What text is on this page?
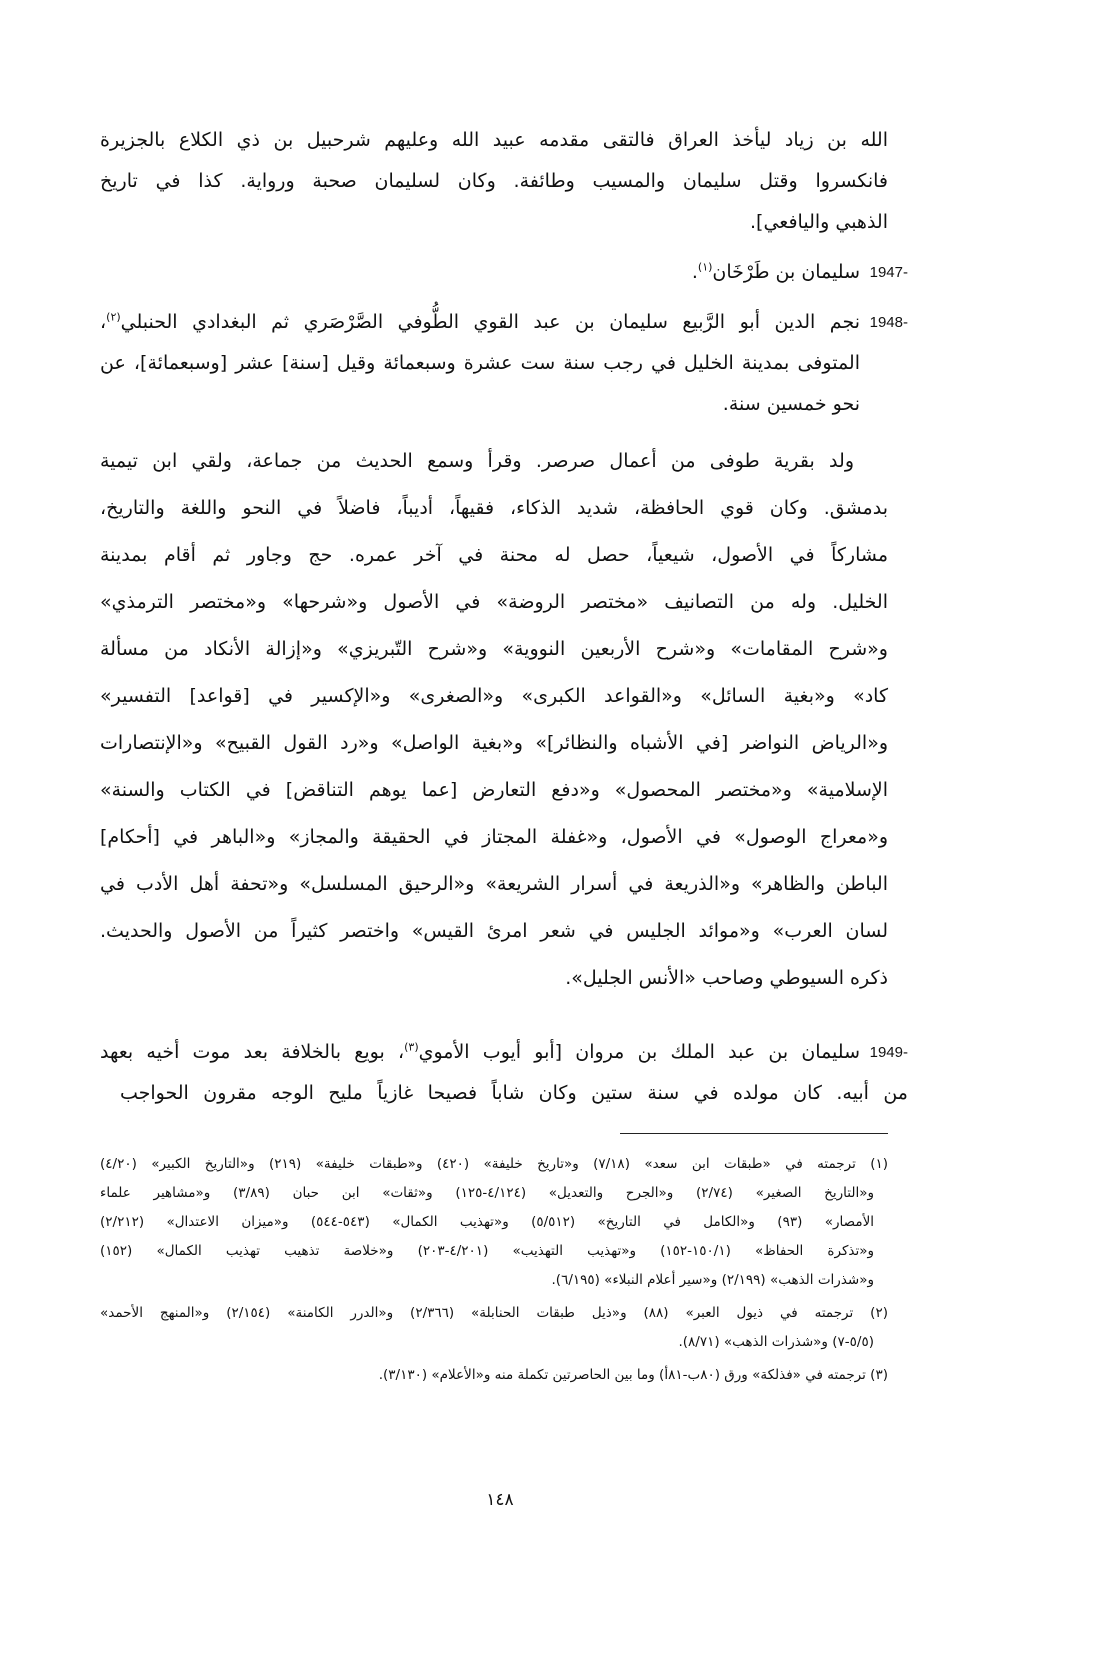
الله بن زياد ليأخذ العراق فالتقى مقدمه عبيد الله وعليهم شرحبيل بن ذي الكلاع بالجزيرة
فانكسروا وقتل سليمان والمسيب وطائفة. وكان لسليمان صحبة ورواية. كذا في تاريخ
الذهبي واليافعي].
1947-
سليمان بن طَرْخَان$^{(١)}$.
1948-
نجم الدين أبو الرَّبيع سليمان بن عبد القوي الطُّوفي الصَّرْصَري ثم البغدادي الحنبلي$^{(٢)}$،
المتوفى بمدينة الخليل في رجب سنة ست عشرة وسبعمائة وقيل [سنة] عشر [وسبعمائة]، عن
نحو خمسين سنة.
ولد بقرية طوفى من أعمال صرصر. وقرأ وسمع الحديث من جماعة، ولقي ابن تيمية
بدمشق. وكان قوي الحافظة، شديد الذكاء، فقيهاً، أديباً، فاضلاً في النحو واللغة والتاريخ،
مشاركاً في الأصول، شيعياً، حصل له محنة في آخر عمره. حج وجاور ثم أقام بمدينة
الخليل. وله من التصانيف «مختصر الروضة» في الأصول و«شرحها» و«مختصر الترمذي»
و«شرح المقامات» و«شرح الأربعين النووية» و«شرح التّبريزي» و«إزالة الأنكاد من مسألة
كاد» و«بغية السائل» و«القواعد الكبرى» و«الصغرى» و«الإكسير في [قواعد] التفسير»
و«الرياض النواضر [في الأشباه والنظائر]» و«بغية الواصل» و«رد القول القبيح» و«الإنتصارات
الإسلامية» و«مختصر المحصول» و«دفع التعارض [عما يوهم التناقض] في الكتاب والسنة»
و«معراج الوصول» في الأصول، و«غفلة المجتاز في الحقيقة والمجاز» و«الباهر في [أحكام]
الباطن والظاهر» و«الذريعة في أسرار الشريعة» و«الرحيق المسلسل» و«تحفة أهل الأدب في
لسان العرب» و«موائد الجليس في شعر امرئ القيس» واختصر كثيراً من الأصول والحديث.
ذكره السيوطي وصاحب «الأنس الجليل».
1949-
سليمان بن عبد الملك بن مروان [أبو أيوب الأموي$^{(٣)}$، بويع بالخلافة بعد موت أخيه بعهد
من أبيه. كان مولده في سنة ستين وكان شاباً فصيحا غازياً مليح الوجه مقرون الحواجب
(١) ترجمته في «طبقات ابن سعد» (٧/١٨) و«تاريخ خليفة» (٤٢٠) و«طبقات خليفة» (٢١٩) و«التاريخ الكبير» (٤/٢٠)
و«التاريخ الصغير» (٢/٧٤) و«الجرح والتعديل» (٤/١٢٤-١٢٥) و«ثقات» ابن حبان (٣/٨٩) و«مشاهير علماء
الأمصار» (٩٣) و«الكامل في التاريخ» (٥/٥١٢) و«تهذيب الكمال» (٥٤٣-٥٤٤) و«ميزان الاعتدال» (٢/٢١٢)
و«تذكرة الحفاظ» (١٥٠/١-١٥٢) و«تهذيب التهذيب» (٤/٢٠١-٢٠٣) و«خلاصة تذهيب تهذيب الكمال» (١٥٢)
و«شذرات الذهب» (٢/١٩٩) و«سير أعلام النبلاء» (٦/١٩٥).
(٢) ترجمته في ذيول العبر» (٨٨) و«ذيل طبقات الحنابلة» (٢/٣٦٦) و«الدرر الكامنة» (٢/١٥٤) و«المنهج الأحمد»
(٥/٥-٧) و«شذرات الذهب» (٨/٧١).
(٣) ترجمته في «فذلكة» ورق (٨٠ب-٨١أ) وما بين الحاصرتين تكملة منه و«الأعلام» (٣/١٣٠).
١٤٨
